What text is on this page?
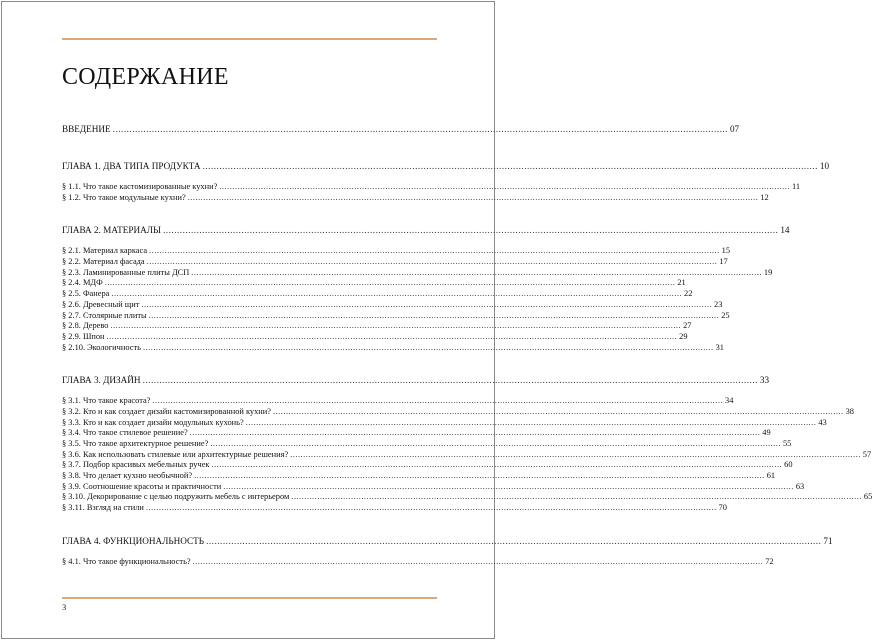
СОДЕРЖАНИЕ
ВВЕДЕНИЕ ............................................................................................................................................................................................................................ 07
ГЛАВА 1. ДВА ТИПА ПРОДУКТА ............................................................................................................................................................................................................................ 10
§ 1.1. Что такое кастомизированные кухни? ............................................................................................................................................................................................................................ 11
§ 1.2. Что такое модульные кухни? ............................................................................................................................................................................................................................ 12
ГЛАВА 2. МАТЕРИАЛЫ ............................................................................................................................................................................................................................ 14
§ 2.1. Материал каркаса ............................................................................................................................................................................................................................ 15
§ 2.2. Материал фасада ............................................................................................................................................................................................................................ 17
§ 2.3. Ламинированные плиты ДСП ............................................................................................................................................................................................................................ 19
§ 2.4. МДФ ............................................................................................................................................................................................................................ 21
§ 2.5. Фанера ............................................................................................................................................................................................................................ 22
§ 2.6. Древесный щит ............................................................................................................................................................................................................................ 23
§ 2.7. Столярные плиты ............................................................................................................................................................................................................................ 25
§ 2.8. Дерево ............................................................................................................................................................................................................................ 27
§ 2.9. Шпон ............................................................................................................................................................................................................................ 29
§ 2.10. Экологичность ............................................................................................................................................................................................................................ 31
ГЛАВА 3. ДИЗАЙН ............................................................................................................................................................................................................................ 33
§ 3.1. Что такое красота? ............................................................................................................................................................................................................................ 34
§ 3.2. Кто и как создает дизайн кастомизированной кухни? ............................................................................................................................................................................................................................ 38
§ 3.3. Кто и как создает дизайн модульных кухонь? ............................................................................................................................................................................................................................ 43
§ 3.4. Что такое стилевое решение? ............................................................................................................................................................................................................................ 49
§ 3.5. Что такое архитектурное решение? ............................................................................................................................................................................................................................ 55
§ 3.6. Как использовать стилевые или архитектурные решения? ............................................................................................................................................................................................................................ 57
§ 3.7. Подбор красивых мебельных ручек ............................................................................................................................................................................................................................ 60
§ 3.8. Что делает кухню необычной? ............................................................................................................................................................................................................................ 61
§ 3.9. Соотношение красоты и практичности ............................................................................................................................................................................................................................ 63
§ 3.10. Декорирование с целью подружить мебель с интерьером ............................................................................................................................................................................................................................ 65
§ 3.11. Взгляд на стили ............................................................................................................................................................................................................................ 70
ГЛАВА 4. ФУНКЦИОНАЛЬНОСТЬ ............................................................................................................................................................................................................................ 71
§ 4.1. Что такое функциональность? ............................................................................................................................................................................................................................ 72
3
